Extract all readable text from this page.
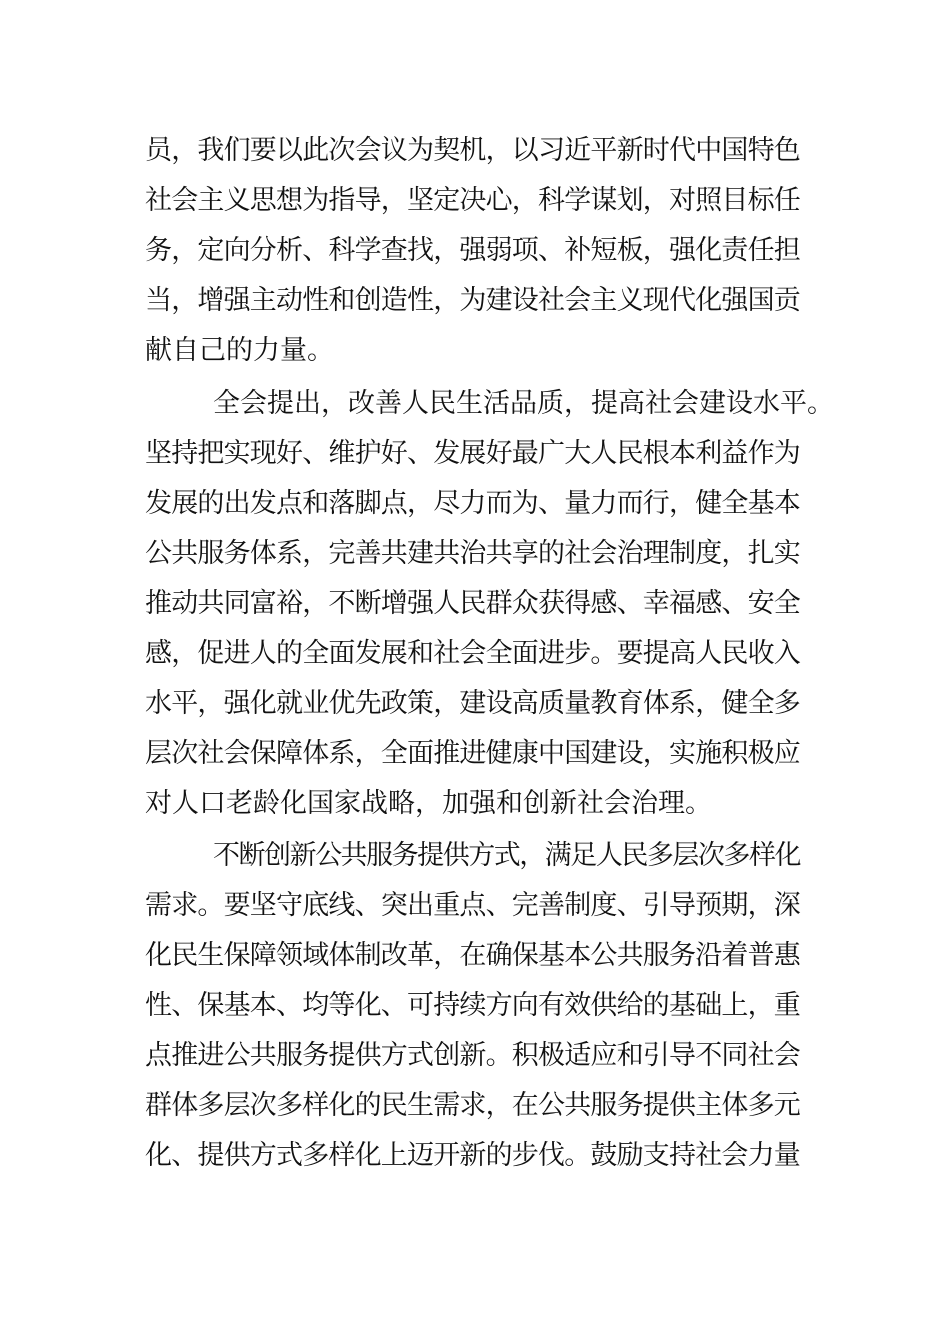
员，我们要以此次会议为契机，以习近平新时代中国特色
社会主义思想为指导，坚定决心，科学谋划，对照目标任
务，定向分析、科学查找，强弱项、补短板，强化责任担
当，增强主动性和创造性，为建设社会主义现代化强国贡
献自己的力量。
全会提出，改善人民生活品质，提高社会建设水平。
坚持把实现好、维护好、发展好最广大人民根本利益作为
发展的出发点和落脚点，尽力而为、量力而行，健全基本
公共服务体系，完善共建共治共享的社会治理制度，扎实
推动共同富裕，不断增强人民群众获得感、幸福感、安全
感，促进人的全面发展和社会全面进步。要提高人民收入
水平，强化就业优先政策，建设高质量教育体系，健全多
层次社会保障体系，全面推进健康中国建设，实施积极应
对人口老龄化国家战略，加强和创新社会治理。
不断创新公共服务提供方式，满足人民多层次多样化
需求。要坚守底线、突出重点、完善制度、引导预期，深
化民生保障领域体制改革，在确保基本公共服务沿着普惠
性、保基本、均等化、可持续方向有效供给的基础上，重
点推进公共服务提供方式创新。积极适应和引导不同社会
群体多层次多样化的民生需求，在公共服务提供主体多元
化、提供方式多样化上迈开新的步伐。鼓励支持社会力量
